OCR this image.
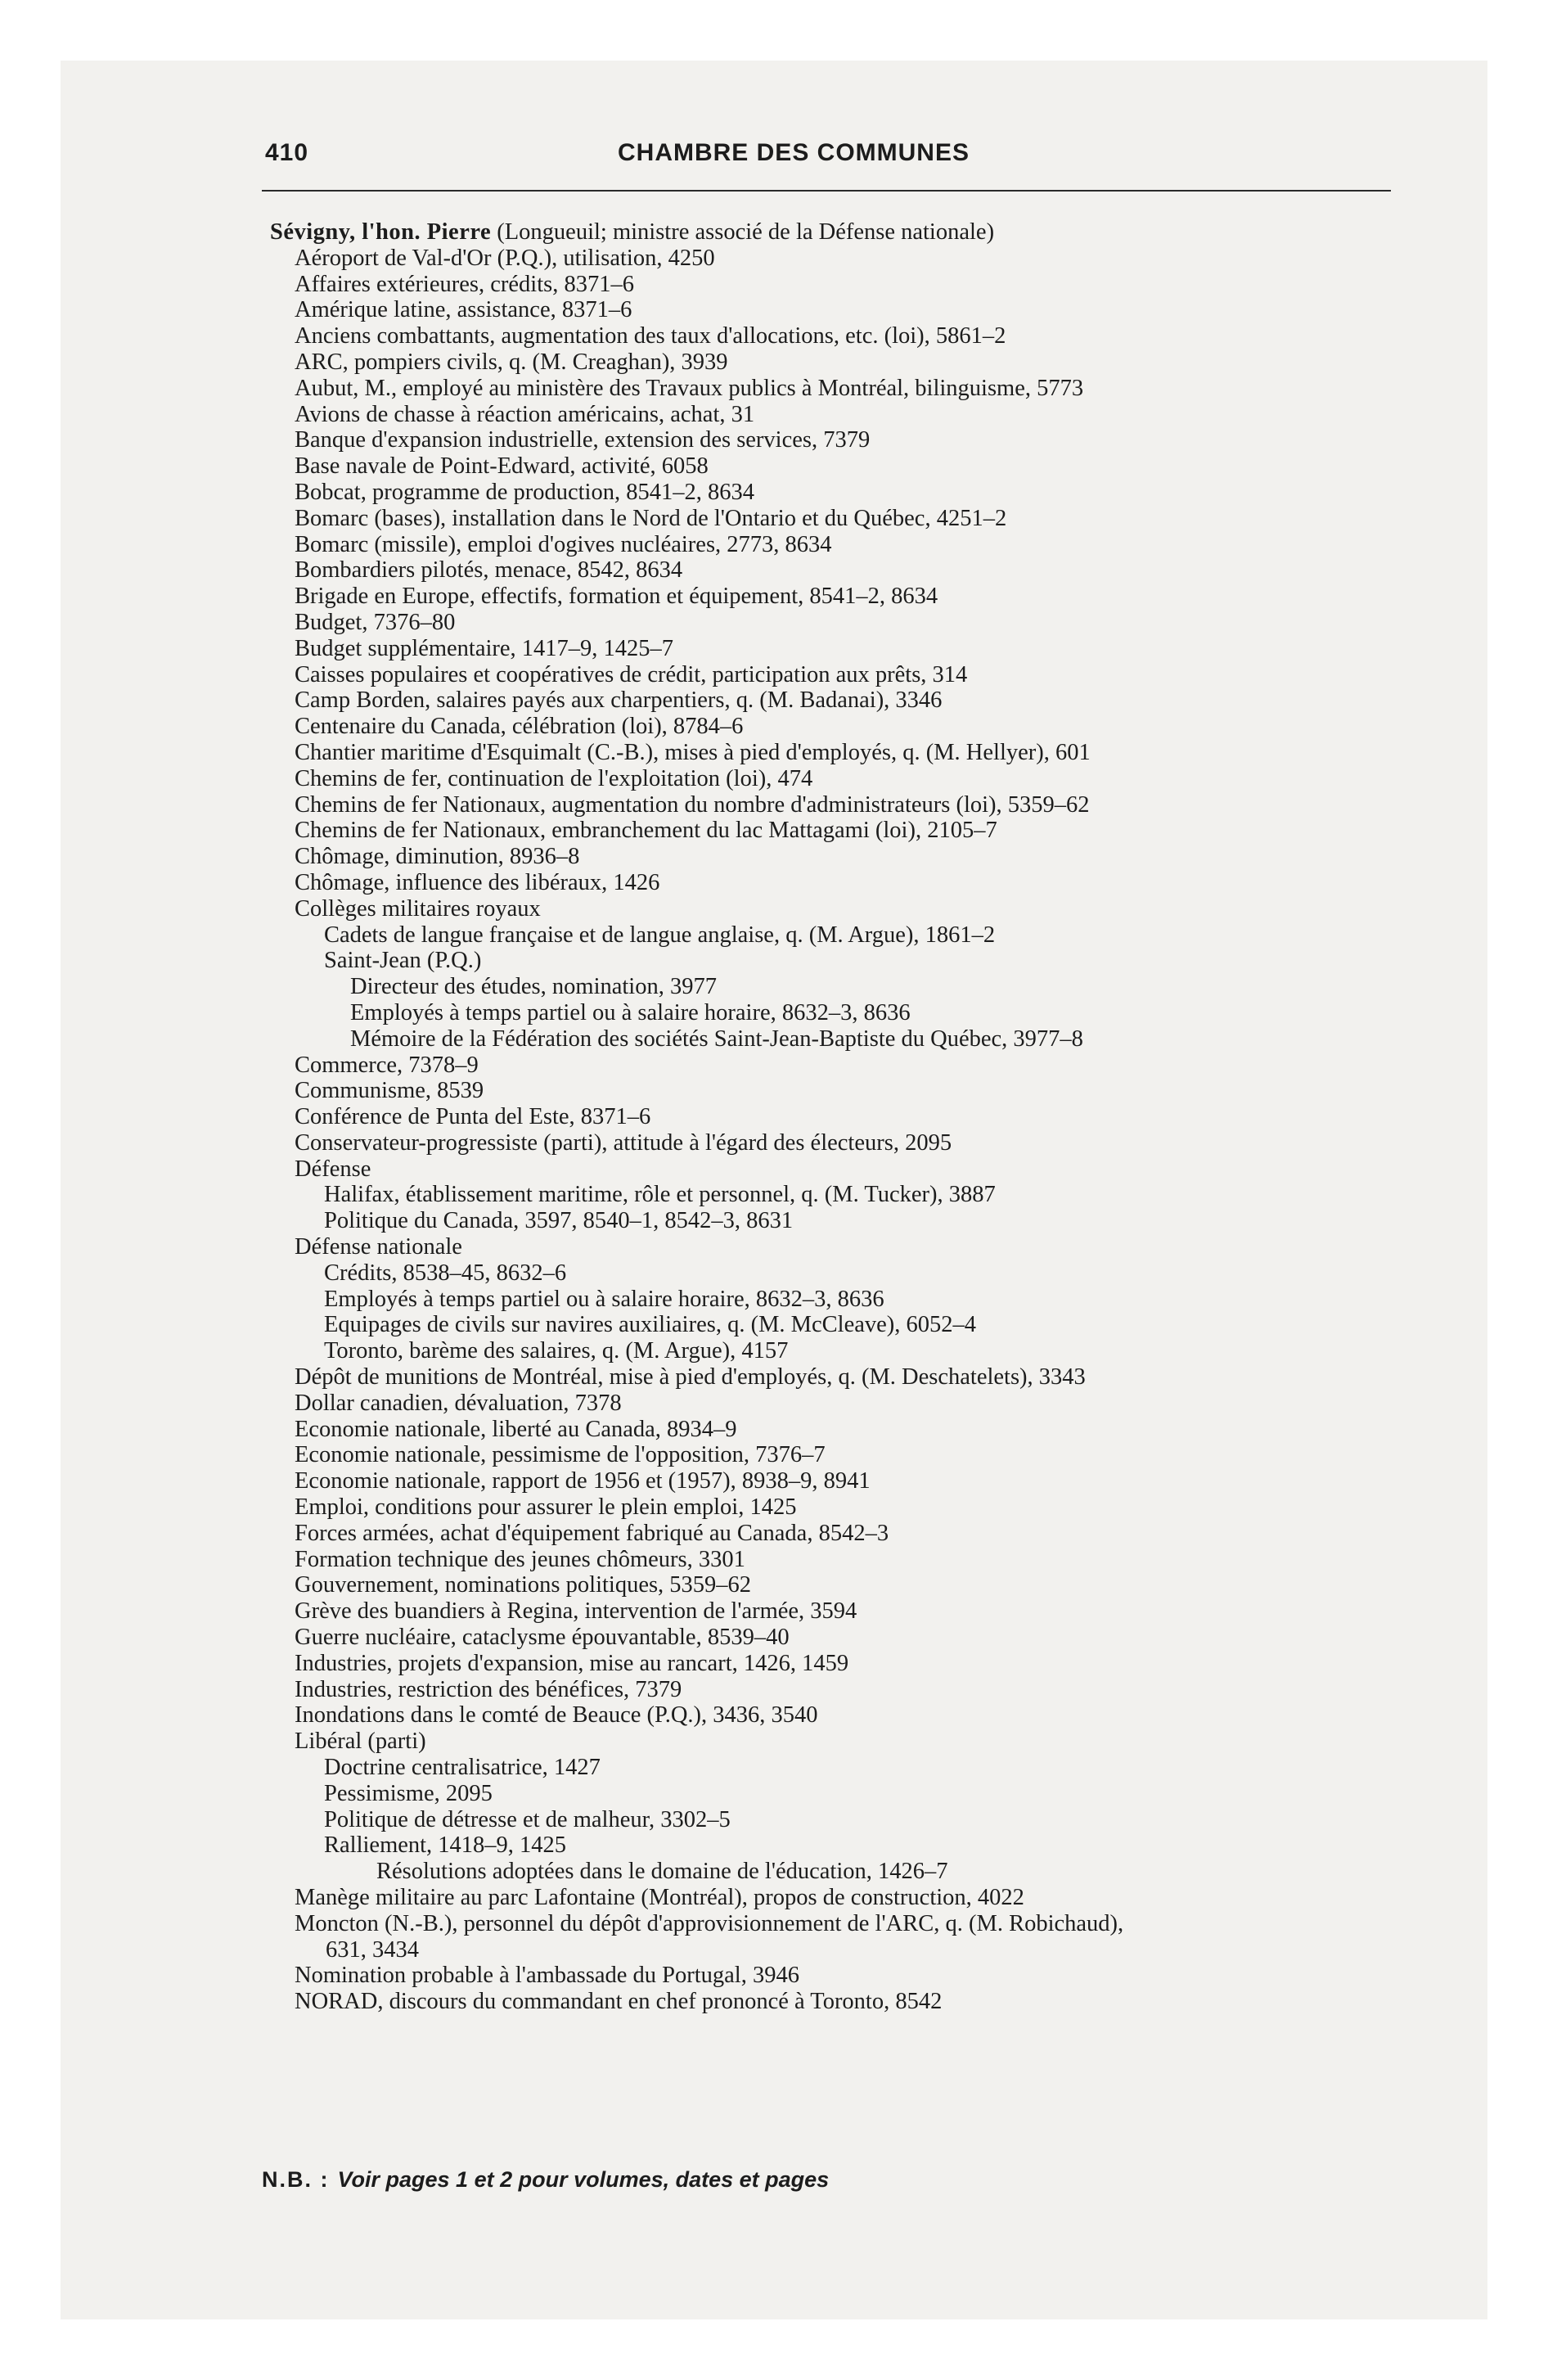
410	CHAMBRE DES COMMUNES
Sévigny, l'hon. Pierre (Longueuil; ministre associé de la Défense nationale)
Aéroport de Val-d'Or (P.Q.), utilisation, 4250
Affaires extérieures, crédits, 8371–6
Amérique latine, assistance, 8371–6
Anciens combattants, augmentation des taux d'allocations, etc. (loi), 5861–2
ARC, pompiers civils, q. (M. Creaghan), 3939
Aubut, M., employé au ministère des Travaux publics à Montréal, bilinguisme, 5773
Avions de chasse à réaction américains, achat, 31
Banque d'expansion industrielle, extension des services, 7379
Base navale de Point-Edward, activité, 6058
Bobcat, programme de production, 8541–2, 8634
Bomarc (bases), installation dans le Nord de l'Ontario et du Québec, 4251–2
Bomarc (missile), emploi d'ogives nucléaires, 2773, 8634
Bombardiers pilotés, menace, 8542, 8634
Brigade en Europe, effectifs, formation et équipement, 8541–2, 8634
Budget, 7376–80
Budget supplémentaire, 1417–9, 1425–7
Caisses populaires et coopératives de crédit, participation aux prêts, 314
Camp Borden, salaires payés aux charpentiers, q. (M. Badanai), 3346
Centenaire du Canada, célébration (loi), 8784–6
Chantier maritime d'Esquimalt (C.-B.), mises à pied d'employés, q. (M. Hellyer), 601
Chemins de fer, continuation de l'exploitation (loi), 474
Chemins de fer Nationaux, augmentation du nombre d'administrateurs (loi), 5359–62
Chemins de fer Nationaux, embranchement du lac Mattagami (loi), 2105–7
Chômage, diminution, 8936–8
Chômage, influence des libéraux, 1426
Collèges militaires royaux
Cadets de langue française et de langue anglaise, q. (M. Argue), 1861–2
Saint-Jean (P.Q.)
Directeur des études, nomination, 3977
Employés à temps partiel ou à salaire horaire, 8632–3, 8636
Mémoire de la Fédération des sociétés Saint-Jean-Baptiste du Québec, 3977–8
Commerce, 7378–9
Communisme, 8539
Conférence de Punta del Este, 8371–6
Conservateur-progressiste (parti), attitude à l'égard des électeurs, 2095
Défense
Halifax, établissement maritime, rôle et personnel, q. (M. Tucker), 3887
Politique du Canada, 3597, 8540–1, 8542–3, 8631
Défense nationale
Crédits, 8538–45, 8632–6
Employés à temps partiel ou à salaire horaire, 8632–3, 8636
Equipages de civils sur navires auxiliaires, q. (M. McCleave), 6052–4
Toronto, barème des salaires, q. (M. Argue), 4157
Dépôt de munitions de Montréal, mise à pied d'employés, q. (M. Deschatelets), 3343
Dollar canadien, dévaluation, 7378
Economie nationale, liberté au Canada, 8934–9
Economie nationale, pessimisme de l'opposition, 7376–7
Economie nationale, rapport de 1956 et (1957), 8938–9, 8941
Emploi, conditions pour assurer le plein emploi, 1425
Forces armées, achat d'équipement fabriqué au Canada, 8542–3
Formation technique des jeunes chômeurs, 3301
Gouvernement, nominations politiques, 5359–62
Grève des buandiers à Regina, intervention de l'armée, 3594
Guerre nucléaire, cataclysme épouvantable, 8539–40
Industries, projets d'expansion, mise au rancart, 1426, 1459
Industries, restriction des bénéfices, 7379
Inondations dans le comté de Beauce (P.Q.), 3436, 3540
Libéral (parti)
Doctrine centralisatrice, 1427
Pessimisme, 2095
Politique de détresse et de malheur, 3302–5
Ralliement, 1418–9, 1425
Résolutions adoptées dans le domaine de l'éducation, 1426–7
Manège militaire au parc Lafontaine (Montréal), propos de construction, 4022
Moncton (N.-B.), personnel du dépôt d'approvisionnement de l'ARC, q. (M. Robichaud),
631, 3434
Nomination probable à l'ambassade du Portugal, 3946
NORAD, discours du commandant en chef prononcé à Toronto, 8542
N.B. : Voir pages 1 et 2 pour volumes, dates et pages
